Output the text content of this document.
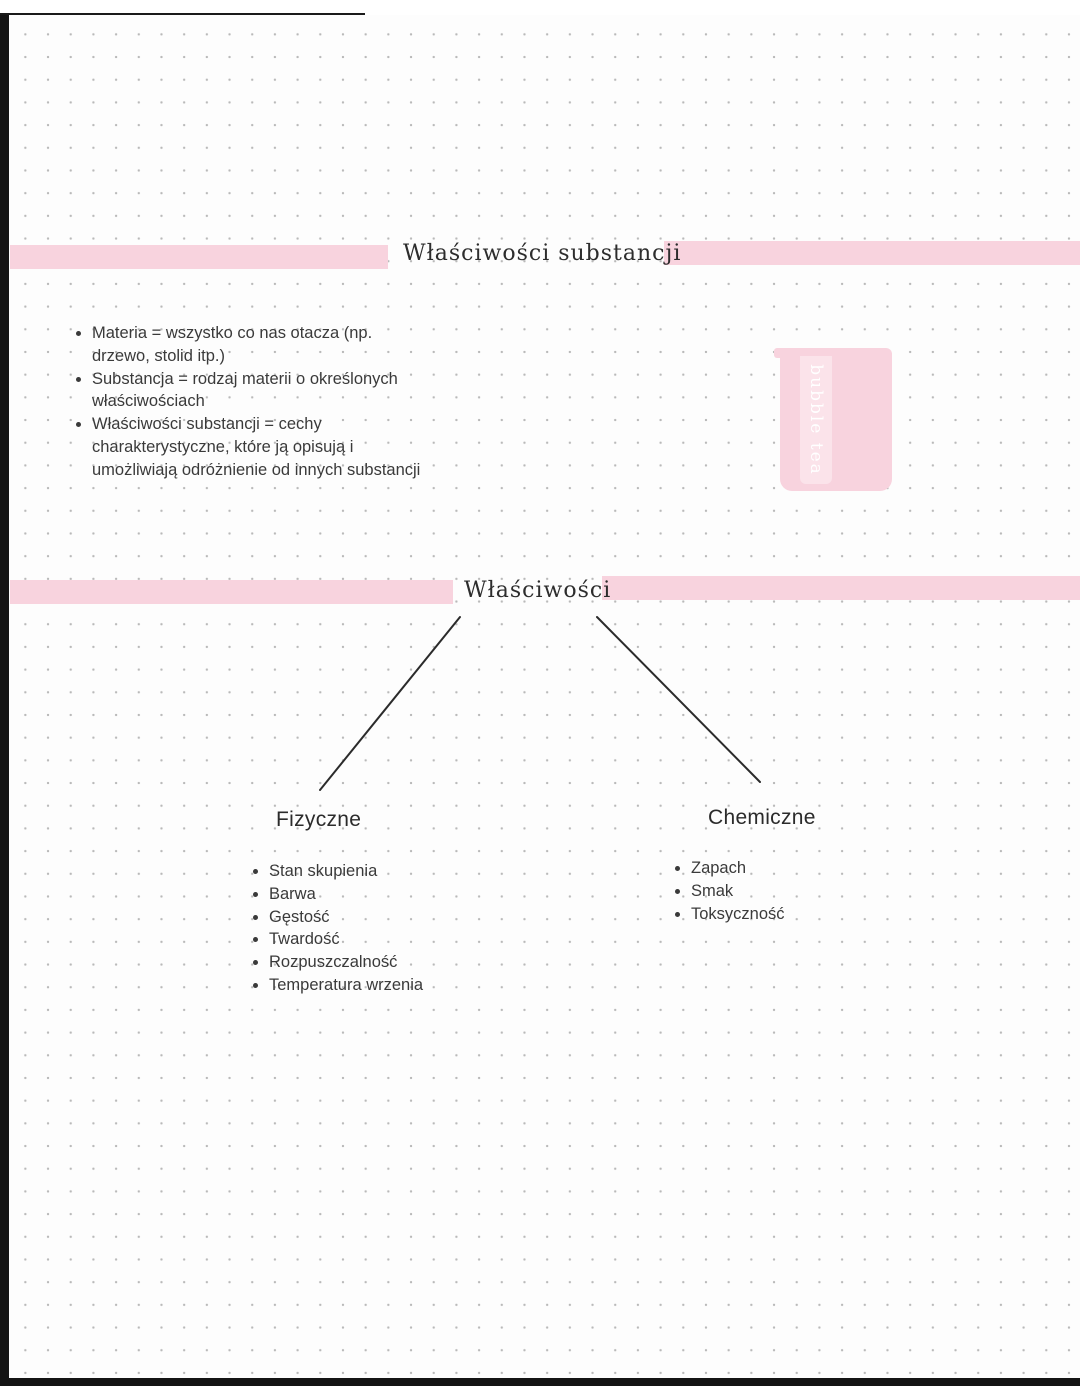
Właściwości substancji
• Materia = wszystko co nas otacza (np. drzewo, stolid itp.)
• Substancja = rodzaj materii o określonych właściwościach
• Właściwości substancji = cechy charakterystyczne, które ją opisują i umożliwiają odróżnienie od innych substancji	bubble tea
Właściwości
Fizyczne
• Stan skupienia
• Barwa
• Gęstość
• Twardość
• Rozpuszczalność
• Temperatura wrzenia
Chemiczne
• Zapach
• Smak
• Toksyczność
